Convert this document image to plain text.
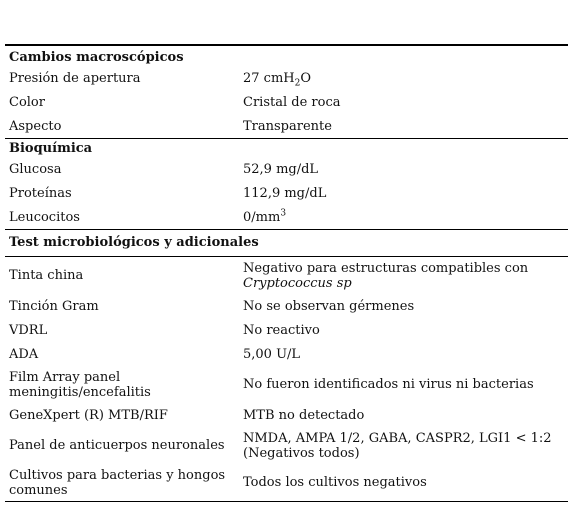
Cambios macroscópicos
Presión de apertura	27 cmH$_2$O
Color	Cristal de roca
Aspecto	Transparente
Bioquímica
Glucosa	52,9 mg/dL
Proteínas	112,9 mg/dL
Leucocitos	$0/mm^3$
Test microbiológicos y adicionales
Tinta china	Negativo para estructuras compatibles con
Cryptococcus sp
Tinción Gram	No se observan gérmenes
VDRL	No reactivo
ADA	5,00 U/L
Film Array panel
meningitis/encefalitis	No fueron identificados ni virus ni bacterias
GeneXpert (R) MTB/RIF	MTB no detectado
Panel de anticuerpos neuronales	NMDA, AMPA 1/2, GABA, CASPR2, LGI1 < 1:2
(Negativos todos)
Cultivos para bacterias y hongos
comunes	Todos los cultivos negativos
